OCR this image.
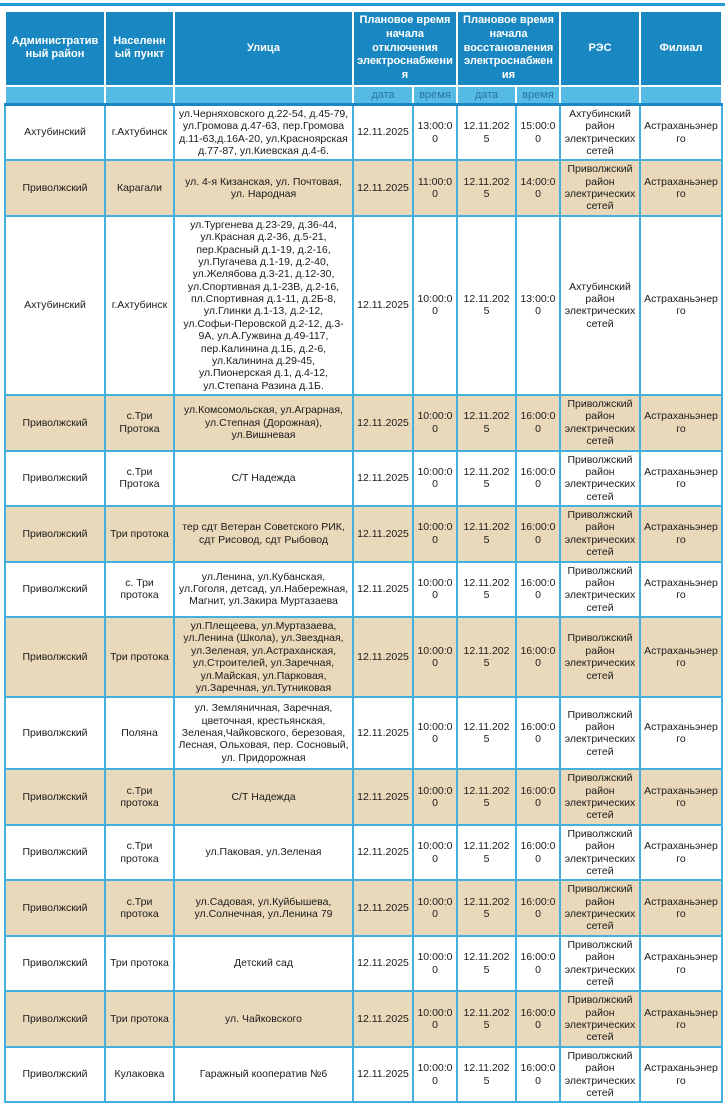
Административный район	Населенный пункт	Улица	Плановое время начала отключения электроснабжения		Плановое время начала восстановления электроснабжения		РЭС	Филиал
			дата	время	дата	время		
Ахтубинский	г.Ахтубинск	ул.Черняховского д.22-54, д.45-79, ул.Громова д.47-63, пер.Громова д.11-63,д.16А-20, ул.Красноярская д.77-87, ул.Киевская д.4-6.	12.11.2025	13:00:00	12.11.2025	15:00:00	Ахтубинский район электрических сетей	Астраханьэнерго
Приволжский	Карагали	ул. 4-я Кизанская, ул. Почтовая, ул. Народная	12.11.2025	11:00:00	12.11.2025	14:00:00	Приволжский район электрических сетей	Астраханьэнерго
Ахтубинский	г.Ахтубинск	ул.Тургенева д.23-29, д.36-44, ул.Красная д.2-36, д.5-21, пер.Красный д.1-19, д.2-16, ул.Пугачева д.1-19, д.2-40, ул.Желябова д.3-21, д.12-30, ул.Спортивная д.1-23В, д.2-16, пл.Спортивная д.1-11, д.2Б-8, ул.Глинки д.1-13, д.2-12, ул.Софьи-Перовской д.2-12, д.3-9А, ул.А.Гужвина д.49-117, пер.Калинина д.1Б, д.2-6, ул.Калинина д.29-45, ул.Пионерская д.1, д.4-12, ул.Степана Разина д.1Б.	12.11.2025	10:00:00	12.11.2025	13:00:00	Ахтубинский район электрических сетей	Астраханьэнерго
Приволжский	с.Три Протока	ул.Комсомольская, ул.Аграрная, ул.Степная (Дорожная), ул.Вишневая	12.11.2025	10:00:00	12.11.2025	16:00:00	Приволжский район электрических сетей	Астраханьэнерго
Приволжский	с.Три Протока	С/Т Надежда	12.11.2025	10:00:00	12.11.2025	16:00:00	Приволжский район электрических сетей	Астраханьэнерго
Приволжский	Три протока	тер сдт Ветеран Советского РИК, сдт Рисовод, сдт Рыбовод	12.11.2025	10:00:00	12.11.2025	16:00:00	Приволжский район электрических сетей	Астраханьэнерго
Приволжский	с. Три протока	ул.Ленина, ул.Кубанская, ул.Гоголя, детсад, ул.Набережная, Магнит, ул.Закира Муртазаева	12.11.2025	10:00:00	12.11.2025	16:00:00	Приволжский район электрических сетей	Астраханьэнерго
Приволжский	Три протока	ул.Плещеева, ул.Муртазаева, ул.Ленина (Школа), ул.Звездная, ул.Зеленая, ул.Астраханская, ул.Строителей, ул.Заречная, ул.Майская, ул.Парковая, ул.Заречная, ул.Тутниковая	12.11.2025	10:00:00	12.11.2025	16:00:00	Приволжский район электрических сетей	Астраханьэнерго
Приволжский	Поляна	ул. Земляничная, Заречная, цветочная, крестьянская, Зеленая,Чайковского, березовая, Лесная, Ольховая, пер. Сосновый, ул. Придорожная	12.11.2025	10:00:00	12.11.2025	16:00:00	Приволжский район электрических сетей	Астраханьэнерго
Приволжский	с.Три протока	С/Т Надежда	12.11.2025	10:00:00	12.11.2025	16:00:00	Приволжский район электрических сетей	Астраханьэнерго
Приволжский	с.Три протока	ул.Паковая, ул.Зеленая	12.11.2025	10:00:00	12.11.2025	16:00:00	Приволжский район электрических сетей	Астраханьэнерго
Приволжский	с.Три протока	ул.Садовая, ул.Куйбышева, ул.Солнечная, ул.Ленина 79	12.11.2025	10:00:00	12.11.2025	16:00:00	Приволжский район электрических сетей	Астраханьэнерго
Приволжский	Три протока	Детский сад	12.11.2025	10:00:00	12.11.2025	16:00:00	Приволжский район электрических сетей	Астраханьэнерго
Приволжский	Три протока	ул. Чайковского	12.11.2025	10:00:00	12.11.2025	16:00:00	Приволжский район электрических сетей	Астраханьэнерго
Приволжский	Кулаковка	Гаражный кооператив №6	12.11.2025	10:00:00	12.11.2025	16:00:00	Приволжский район электрических сетей	Астраханьэнерго
